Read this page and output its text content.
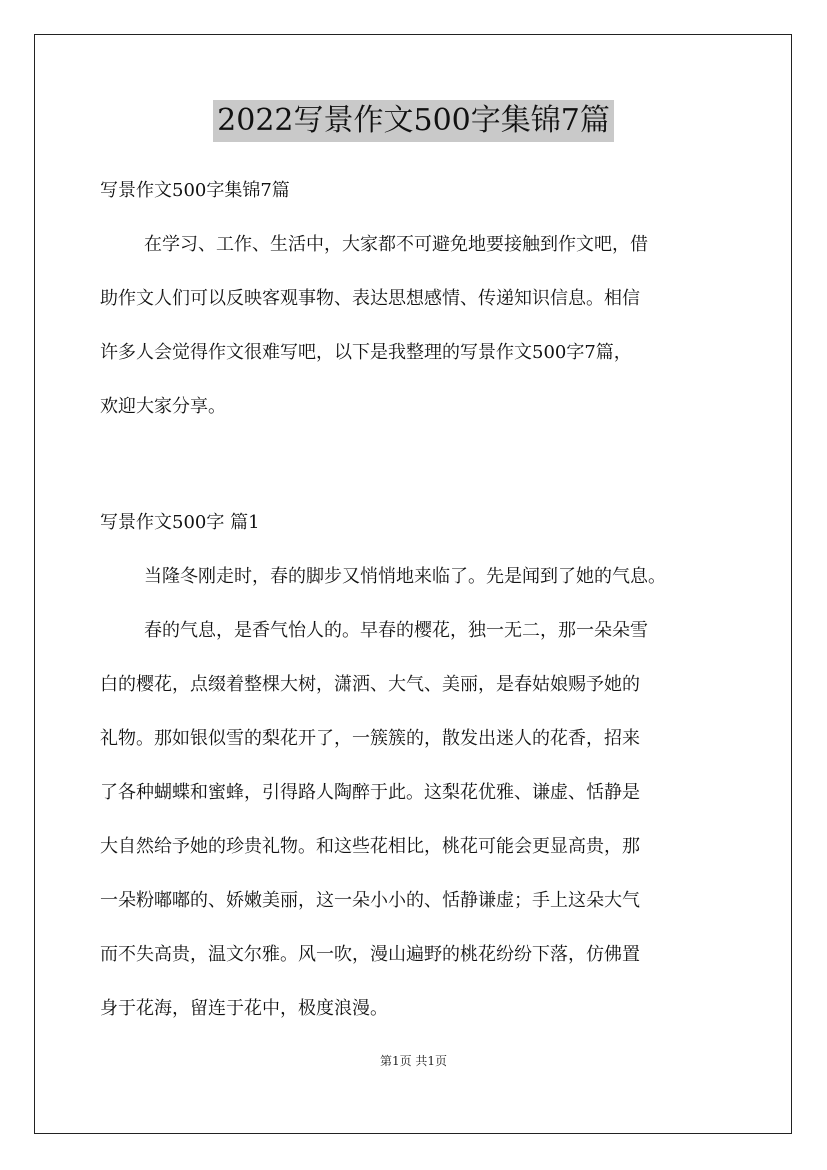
2022写景作文500字集锦7篇

写景作文500字集锦7篇

在学习、工作、生活中，大家都不可避免地要接触到作文吧，借

助作文人们可以反映客观事物、表达思想感情、传递知识信息。相信

许多人会觉得作文很难写吧，以下是我整理的写景作文500字7篇，

欢迎大家分享。

写景作文500字 篇1

当隆冬刚走时，春的脚步又悄悄地来临了。先是闻到了她的气息。

春的气息，是香气怡人的。早春的樱花，独一无二，那一朵朵雪

白的樱花，点缀着整棵大树，潇洒、大气、美丽，是春姑娘赐予她的

礼物。那如银似雪的梨花开了，一簇簇的，散发出迷人的花香，招来

了各种蝴蝶和蜜蜂，引得路人陶醉于此。这梨花优雅、谦虚、恬静是

大自然给予她的珍贵礼物。和这些花相比，桃花可能会更显高贵，那

一朵粉嘟嘟的、娇嫩美丽，这一朵小小的、恬静谦虚；手上这朵大气

而不失高贵，温文尔雅。风一吹，漫山遍野的桃花纷纷下落，仿佛置

身于花海，留连于花中，极度浪漫。

第1页 共1页
